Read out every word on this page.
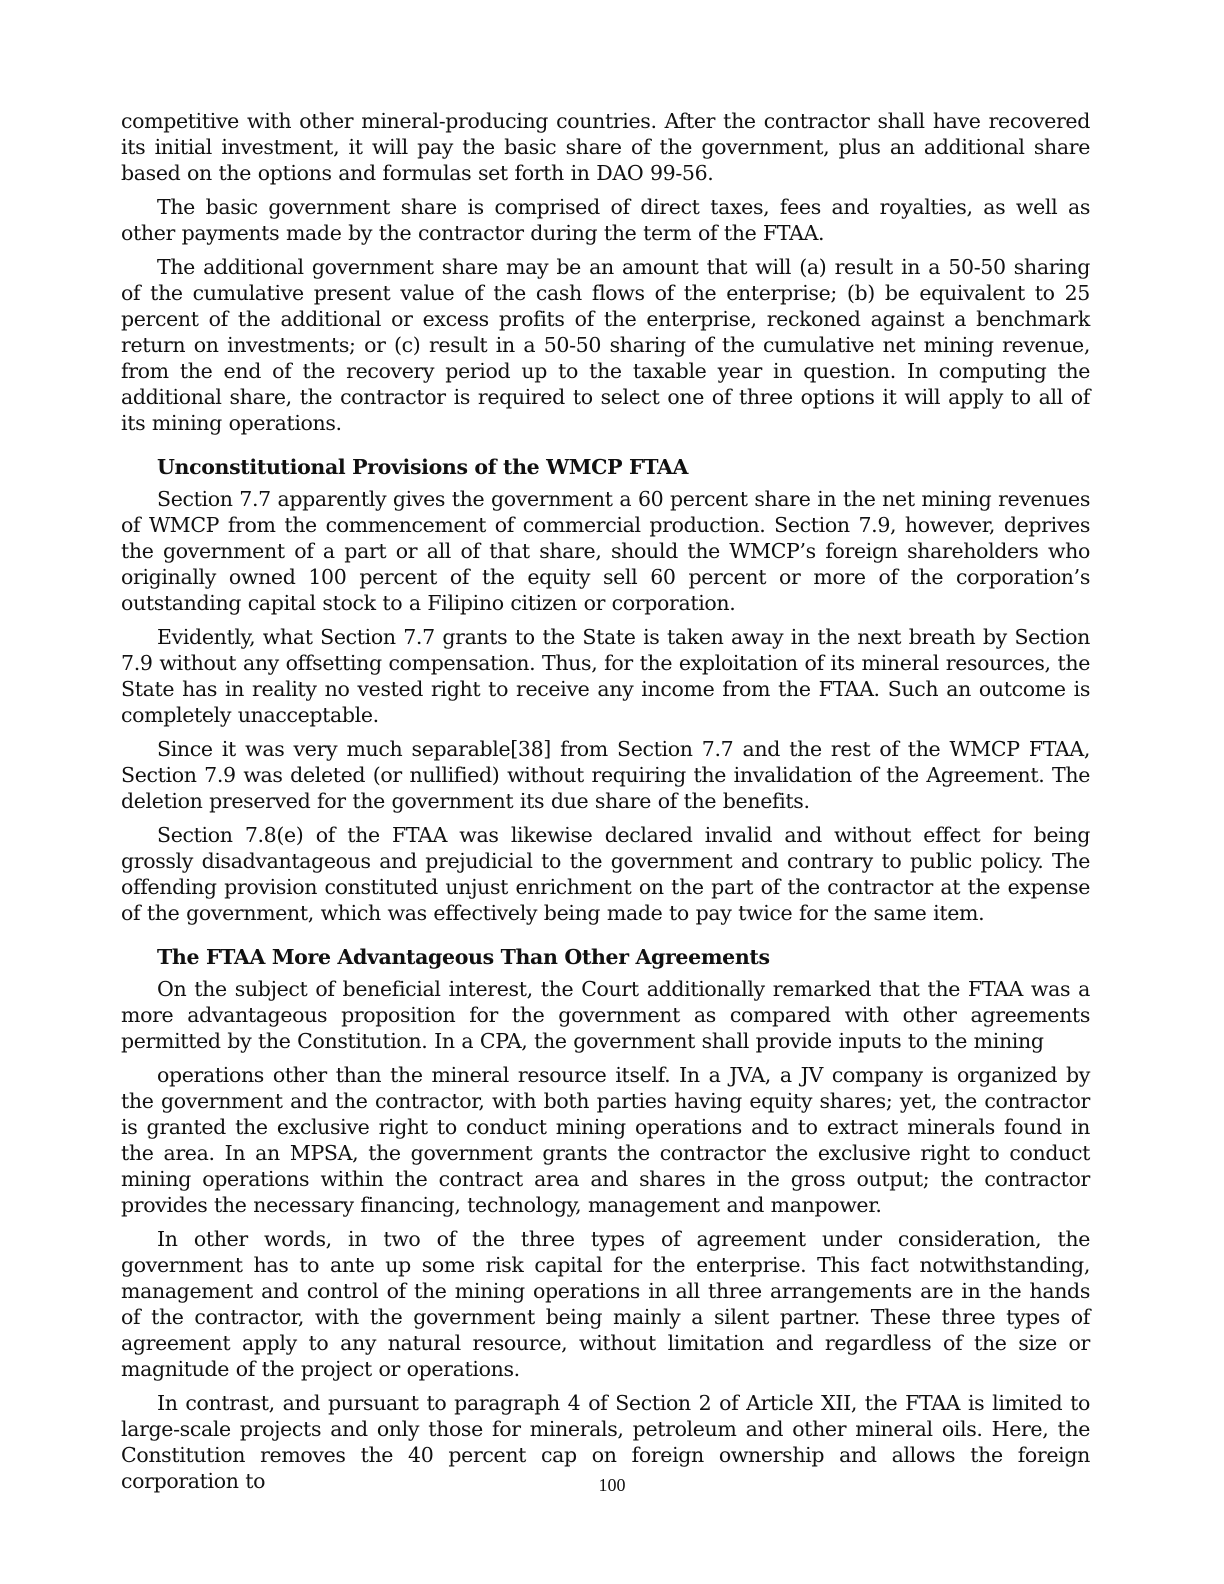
competitive with other mineral-producing countries. After the contractor shall have recovered its initial investment, it will pay the basic share of the government, plus an additional share based on the options and formulas set forth in DAO 99-56.

The basic government share is comprised of direct taxes, fees and royalties, as well as other payments made by the contractor during the term of the FTAA.

The additional government share may be an amount that will (a) result in a 50-50 sharing of the cumulative present value of the cash flows of the enterprise; (b) be equivalent to 25 percent of the additional or excess profits of the enterprise, reckoned against a benchmark return on investments; or (c) result in a 50-50 sharing of the cumulative net mining revenue, from the end of the recovery period up to the taxable year in question. In computing the additional share, the contractor is required to select one of three options it will apply to all of its mining operations.

Unconstitutional Provisions of the WMCP FTAA

Section 7.7 apparently gives the government a 60 percent share in the net mining revenues of WMCP from the commencement of commercial production. Section 7.9, however, deprives the government of a part or all of that share, should the WMCP’s foreign shareholders who originally owned 100 percent of the equity sell 60 percent or more of the corporation’s outstanding capital stock to a Filipino citizen or corporation.

Evidently, what Section 7.7 grants to the State is taken away in the next breath by Section 7.9 without any offsetting compensation. Thus, for the exploitation of its mineral resources, the State has in reality no vested right to receive any income from the FTAA. Such an outcome is completely unacceptable.

Since it was very much separable[38] from Section 7.7 and the rest of the WMCP FTAA, Section 7.9 was deleted (or nullified) without requiring the invalidation of the Agreement. The deletion preserved for the government its due share of the benefits.

Section 7.8(e) of the FTAA was likewise declared invalid and without effect for being grossly disadvantageous and prejudicial to the government and contrary to public policy. The offending provision constituted unjust enrichment on the part of the contractor at the expense of the government, which was effectively being made to pay twice for the same item.

The FTAA More Advantageous Than Other Agreements

On the subject of beneficial interest, the Court additionally remarked that the FTAA was a more advantageous proposition for the government as compared with other agreements permitted by the Constitution. In a CPA, the government shall provide inputs to the mining

operations other than the mineral resource itself. In a JVA, a JV company is organized by the government and the contractor, with both parties having equity shares; yet, the contractor is granted the exclusive right to conduct mining operations and to extract minerals found in the area. In an MPSA, the government grants the contractor the exclusive right to conduct mining operations within the contract area and shares in the gross output; the contractor provides the necessary financing, technology, management and manpower.

In other words, in two of the three types of agreement under consideration, the government has to ante up some risk capital for the enterprise. This fact notwithstanding, management and control of the mining operations in all three arrangements are in the hands of the contractor, with the government being mainly a silent partner. These three types of agreement apply to any natural resource, without limitation and regardless of the size or magnitude of the project or operations.

In contrast, and pursuant to paragraph 4 of Section 2 of Article XII, the FTAA is limited to large-scale projects and only those for minerals, petroleum and other mineral oils. Here, the Constitution removes the 40 percent cap on foreign ownership and allows the foreign corporation to	100
